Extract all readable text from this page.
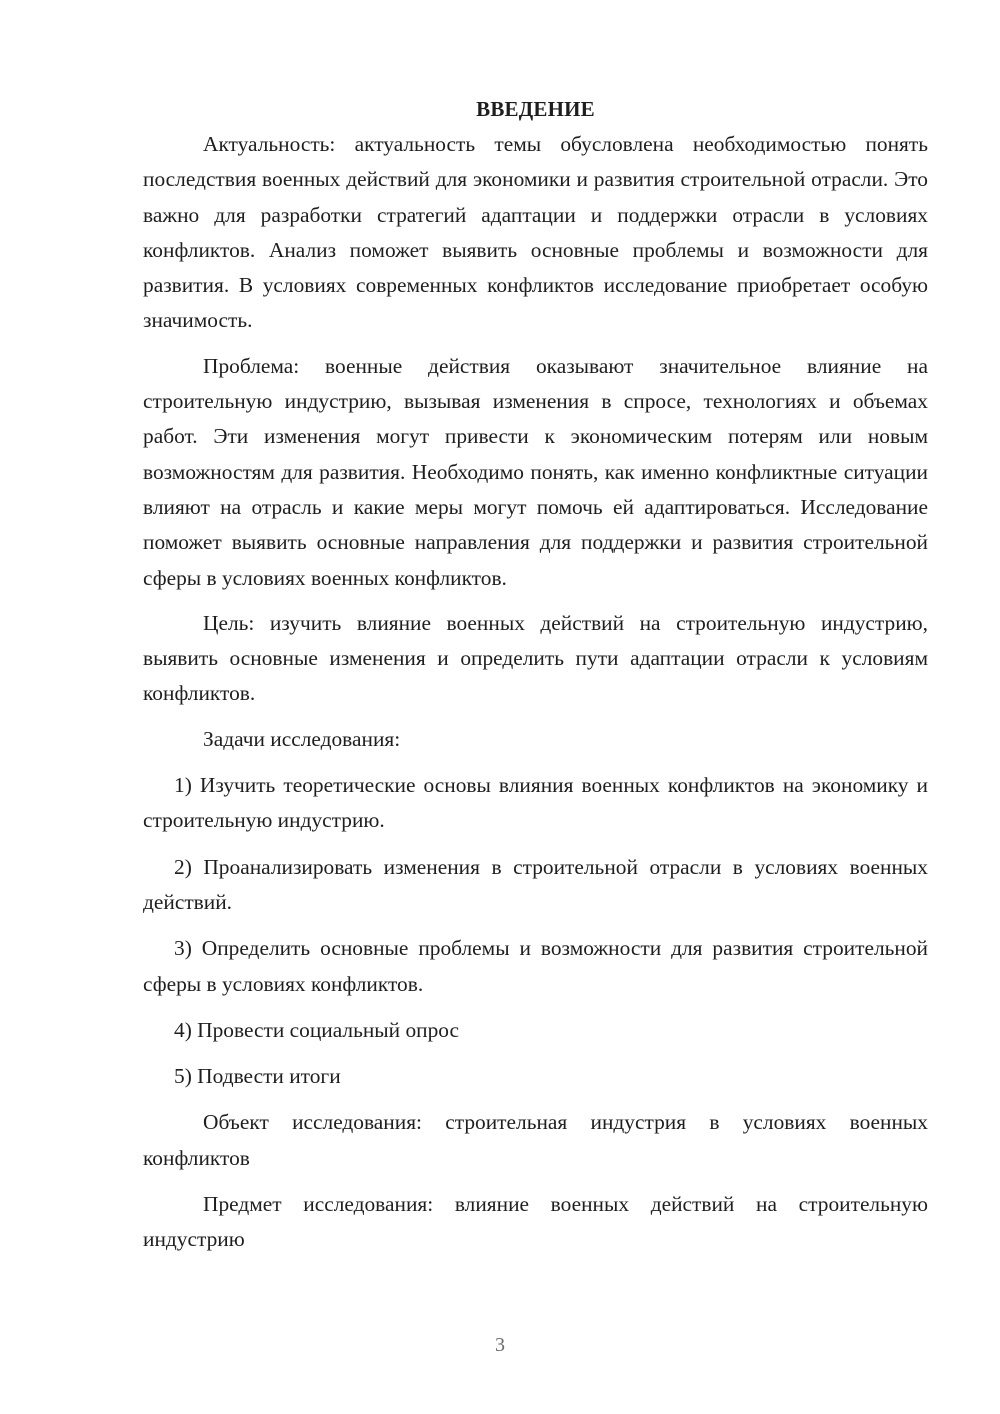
ВВЕДЕНИЕ

Актуальность: актуальность темы обусловлена необходимостью понять последствия военных действий для экономики и развития строительной отрасли. Это важно для разработки стратегий адаптации и поддержки отрасли в условиях конфликтов. Анализ поможет выявить основные проблемы и возможности для развития. В условиях современных конфликтов исследование приобретает особую значимость.

Проблема: военные действия оказывают значительное влияние на строительную индустрию, вызывая изменения в спросе, технологиях и объемах работ. Эти изменения могут привести к экономическим потерям или новым возможностям для развития. Необходимо понять, как именно конфликтные ситуации влияют на отрасль и какие меры могут помочь ей адаптироваться. Исследование поможет выявить основные направления для поддержки и развития строительной сферы в условиях военных конфликтов.

Цель: изучить влияние военных действий на строительную индустрию, выявить основные изменения и определить пути адаптации отрасли к условиям конфликтов.

Задачи исследования:

1) Изучить теоретические основы влияния военных конфликтов на экономику и строительную индустрию.

2) Проанализировать изменения в строительной отрасли в условиях военных действий.

3) Определить основные проблемы и возможности для развития строительной сферы в условиях конфликтов.

4) Провести социальный опрос

5) Подвести итоги

Объект исследования: строительная индустрия в условиях военных конфликтов

Предмет исследования: влияние военных действий на строительную индустрию

3
